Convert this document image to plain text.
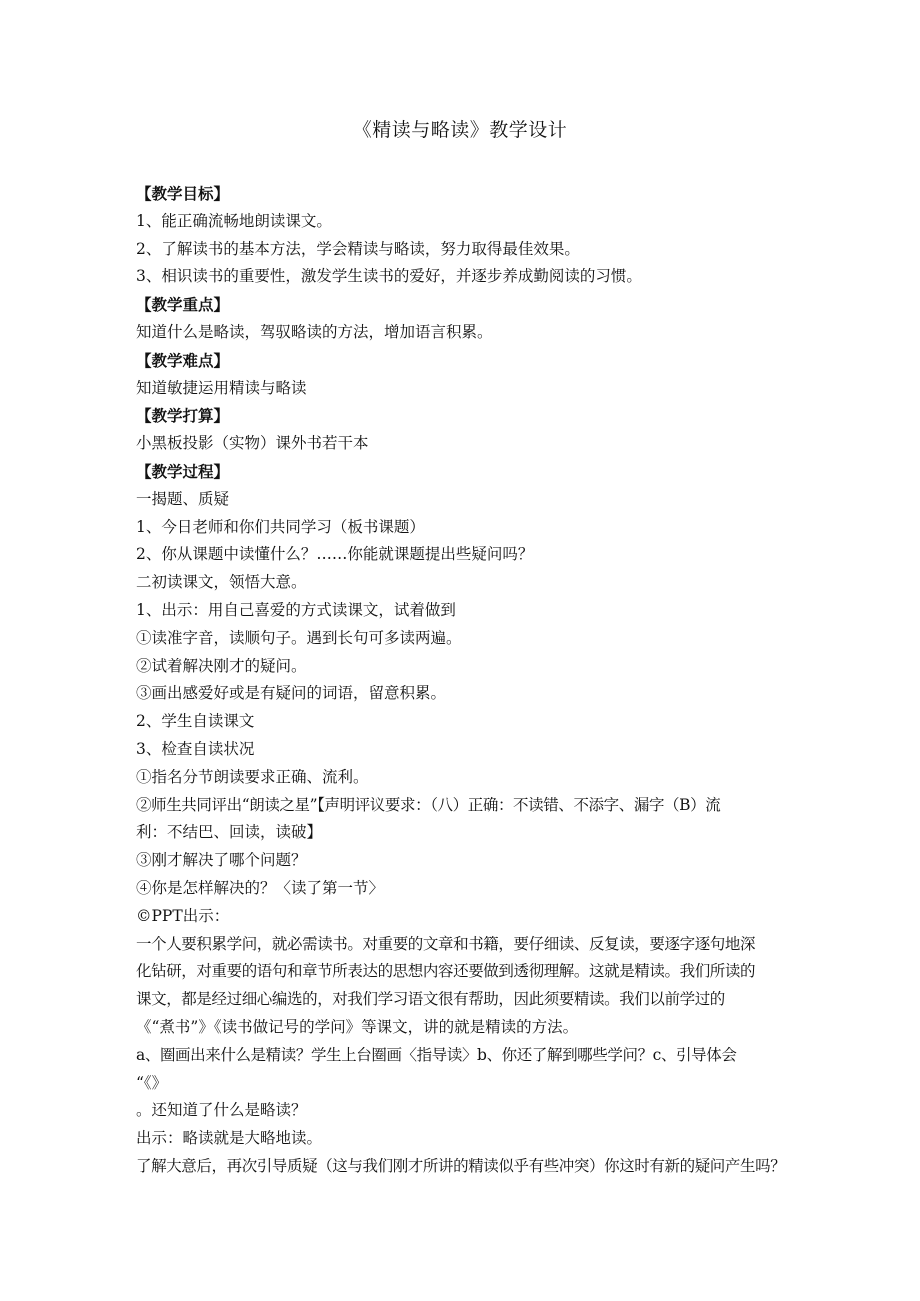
《精读与略读》教学设计
【教学目标】
1、能正确流畅地朗读课文。
2、了解读书的基本方法，学会精读与略读，努力取得最佳效果。
3、相识读书的重要性，激发学生读书的爱好，并逐步养成勤阅读的习惯。
【教学重点】
知道什么是略读，驾驭略读的方法，增加语言积累。
【教学难点】
知道敏捷运用精读与略读
【教学打算】
小黑板投影（实物）课外书若干本
【教学过程】
一揭题、质疑
1、今日老师和你们共同学习（板书课题）
2、你从课题中读懂什么？……你能就课题提出些疑问吗？
二初读课文，领悟大意。
1、出示：用自己喜爱的方式读课文，试着做到
①读准字音，读顺句子。遇到长句可多读两遍。
②试着解决刚才的疑问。
③画出感爱好或是有疑问的词语，留意积累。
2、学生自读课文
3、检查自读状况
①指名分节朗读要求正确、流利。
②师生共同评出“朗读之星”【声明评议要求：（八）正确：不读错、不添字、漏字（B）流
利：不结巴、回读，读破】
③刚才解决了哪个问题？
④你是怎样解决的？〈读了第一节〉
©PPT出示：
一个人要积累学问，就必需读书。对重要的文章和书籍，要仔细读、反复读，要逐字逐句地深
化钻研，对重要的语句和章节所表达的思想内容还要做到透彻理解。这就是精读。我们所读的
课文，都是经过细心编选的，对我们学习语文很有帮助，因此须要精读。我们以前学过的
《“煮书”》《读书做记号的学问》等课文，讲的就是精读的方法。
a、圈画出来什么是精读？学生上台圈画〈指导读〉b、你还了解到哪些学问？c、引导体会
“《》
。还知道了什么是略读？
出示：略读就是大略地读。
了解大意后，再次引导质疑（这与我们刚才所讲的精读似乎有些冲突）你这时有新的疑问产生吗？
